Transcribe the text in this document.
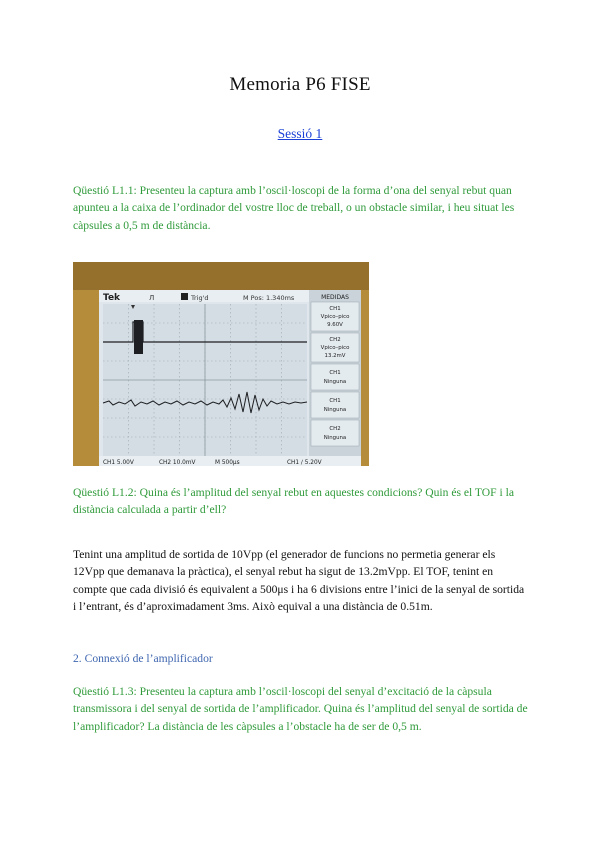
Memoria P6 FISE
Sessió 1
Qüestió L1.1: Presenteu la captura amb l’oscil·loscopi de la forma d’ona del senyal rebut quan apunteu a la caixa de l’ordinador del vostre lloc de treball, o un obstacle similar, i heu situat les càpsules a 0,5 m de distància.
Tek	Л	Trig'd	M Pos: 1.340ms	MEDIDAS
CH1
Vpico–pico
9.60V
CH2
Vpico–pico
13.2mV
CH1
Ninguna
CH1
Ninguna
CH2
Ninguna
CH1 5.00V	CH2 10.0mV	M 500μs	CH1 ∕ 5.20V
Qüestió L1.2: Quina és l’amplitud del senyal rebut en aquestes condicions? Quin és el TOF i la distància calculada a partir d’ell?
Tenint una amplitud de sortida de 10Vpp (el generador de funcions no permetia generar els 12Vpp que demanava la pràctica), el senyal rebut ha sigut de 13.2mVpp. El TOF, tenint en compte que cada divisió és equivalent a 500μs i ha 6 divisions entre l’inici de la senyal de sortida i l’entrant, és d’aproximadament 3ms. Això equival a una distància de 0.51m.
2. Connexió de l’amplificador
Qüestió L1.3: Presenteu la captura amb l’oscil·loscopi del senyal d’excitació de la càpsula transmissora i del senyal de sortida de l’amplificador. Quina és l’amplitud del senyal de sortida de l’amplificador? La distància de les càpsules a l’obstacle ha de ser de 0,5 m.
